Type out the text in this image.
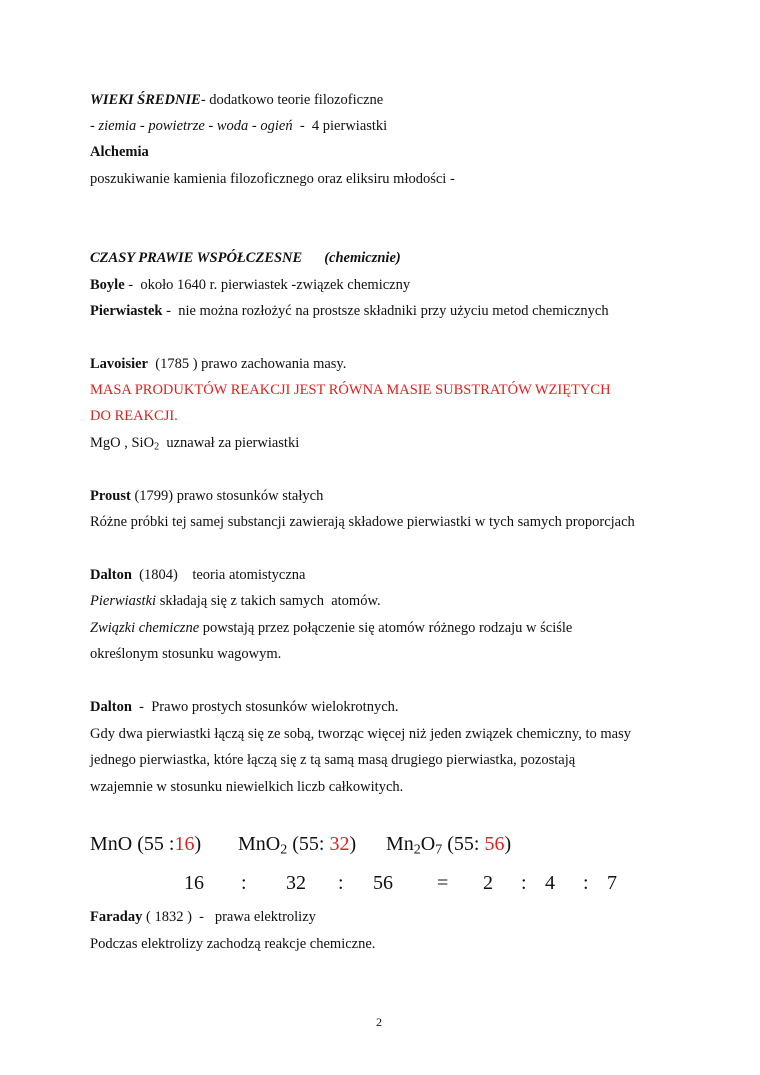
WIEKI ŚREDNIE- dodatkowo teorie filozoficzne
- ziemia - powietrze - woda - ogień  -  4 pierwiastki
Alchemia
poszukiwanie kamienia filozoficznego oraz eliksiru młodości -
CZASY PRAWIE WSPÓŁCZESNE (chemicznie)
Boyle -  około 1640 r. pierwiastek -związek chemiczny
Pierwiastek -  nie można rozłożyć na prostsze składniki przy użyciu metod chemicznych
Lavoisier  (1785 ) prawo zachowania masy.
MASA PRODUKTÓW REAKCJI JEST RÓWNA MASIE SUBSTRATÓW WZIĘTYCH
DO REAKCJI.
MgO , SiO$_2$  uznawał za pierwiastki
Proust (1799) prawo stosunków stałych
Różne próbki tej samej substancji zawierają składowe pierwiastki w tych samych proporcjach
Dalton  (1804)    teoria atomistyczna
Pierwiastki składają się z takich samych  atomów.
Związki chemiczne powstają przez połączenie się atomów różnego rodzaju w ściśle
określonym stosunku wagowym.
Dalton  -  Prawo prostych stosunków wielokrotnych.
Gdy dwa pierwiastki łączą się ze sobą, tworząc więcej niż jeden związek chemiczny, to masy
jednego pierwiastka, które łączą się z tą samą masą drugiego pierwiastka, pozostają
wzajemnie w stosunku niewielkich liczb całkowitych.
MnO (55 :16) MnO$_2$ (55: 32) $Mn_2O_7$ (55: 56)
16 : 32 : 56 = 2 : 4 : 7
Faraday ( 1832 )  -   prawa elektrolizy
Podczas elektrolizy zachodzą reakcje chemiczne.
2
